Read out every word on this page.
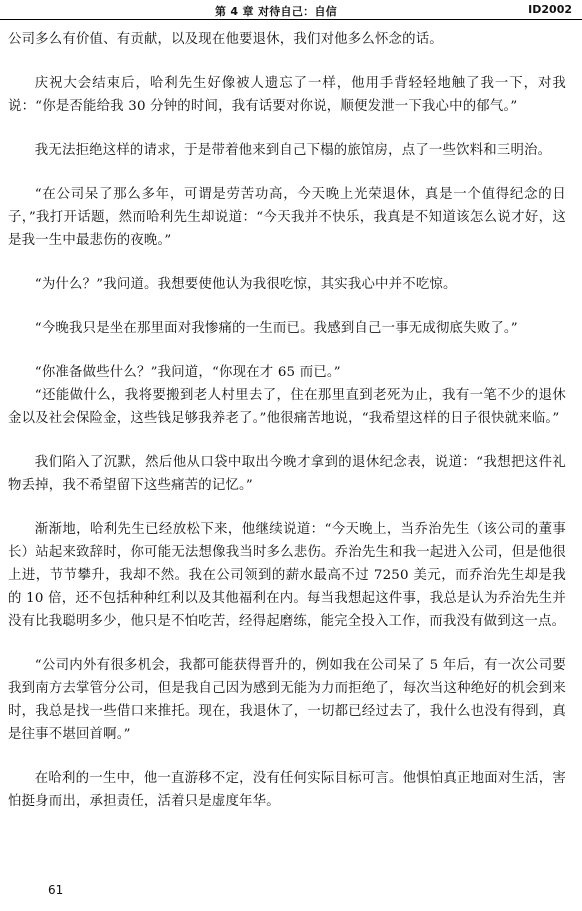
第 4 章 对待自己：自信	ID2002

公司多么有价值、有贡献，以及现在他要退休，我们对他多么怀念的话。

庆祝大会结束后，哈利先生好像被人遗忘了一样，他用手背轻轻地触了我一下，对我说：“你是否能给我 30 分钟的时间，我有话要对你说，顺便发泄一下我心中的郁气。”

我无法拒绝这样的请求，于是带着他来到自己下榻的旅馆房，点了一些饮料和三明治。

“在公司呆了那么多年，可谓是劳苦功高，今天晚上光荣退休，真是一个值得纪念的日子，”我打开话题，然而哈利先生却说道：“今天我并不快乐，我真是不知道该怎么说才好，这是我一生中最悲伤的夜晚。”

“为什么？”我问道。我想要使他认为我很吃惊，其实我心中并不吃惊。

“今晚我只是坐在那里面对我惨痛的一生而已。我感到自己一事无成彻底失败了。”

“你准备做些什么？”我问道，“你现在才 65 而已。”

“还能做什么，我将要搬到老人村里去了，住在那里直到老死为止，我有一笔不少的退休金以及社会保险金，这些钱足够我养老了。”他很痛苦地说，“我希望这样的日子很快就来临。”

我们陷入了沉默，然后他从口袋中取出今晚才拿到的退休纪念表，说道：“我想把这件礼物丢掉，我不希望留下这些痛苦的记忆。”

渐渐地，哈利先生已经放松下来，他继续说道：“今天晚上，当乔治先生（该公司的董事长）站起来致辞时，你可能无法想像我当时多么悲伤。乔治先生和我一起进入公司，但是他很上进，节节攀升，我却不然。我在公司领到的薪水最高不过 7250 美元，而乔治先生却是我的 10 倍，还不包括种种红利以及其他福利在内。每当我想起这件事，我总是认为乔治先生并没有比我聪明多少，他只是不怕吃苦，经得起磨练，能完全投入工作，而我没有做到这一点。

“公司内外有很多机会，我都可能获得晋升的，例如我在公司呆了 5 年后，有一次公司要我到南方去掌管分公司，但是我自己因为感到无能为力而拒绝了，每次当这种绝好的机会到来时，我总是找一些借口来推托。现在，我退休了，一切都已经过去了，我什么也没有得到，真是往事不堪回首啊。”

在哈利的一生中，他一直游移不定，没有任何实际目标可言。他惧怕真正地面对生活，害怕挺身而出，承担责任，活着只是虚度年华。

61
